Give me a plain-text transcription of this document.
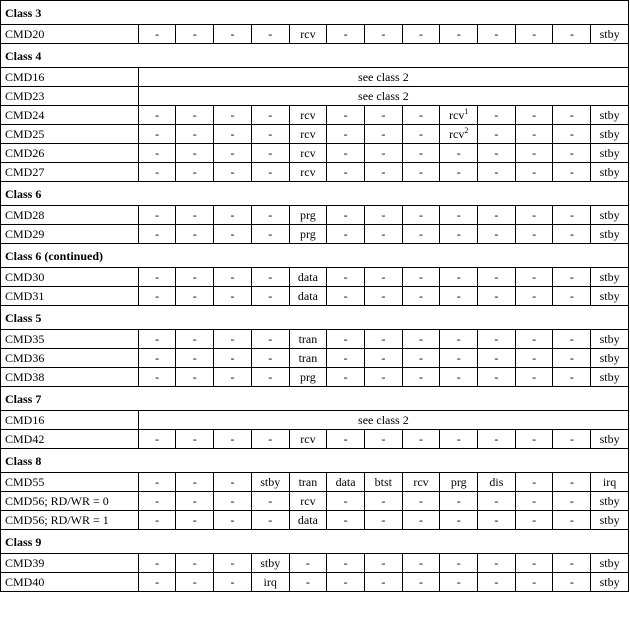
Class 3													
CMD20	-	-	-	-	rcv	-	-	-	-	-	-	-	stby
Class 4													
CMD16	see class 2												
CMD23	see class 2												
CMD24	-	-	-	-	rcv	-	-	-	rcv$^1$	-	-	-	stby
CMD25	-	-	-	-	rcv	-	-	-	rcv$^2$	-	-	-	stby
CMD26	-	-	-	-	rcv	-	-	-	-	-	-	-	stby
CMD27	-	-	-	-	rcv	-	-	-	-	-	-	-	stby
Class 6													
CMD28	-	-	-	-	prg	-	-	-	-	-	-	-	stby
CMD29	-	-	-	-	prg	-	-	-	-	-	-	-	stby
Class 6 (continued)													
CMD30	-	-	-	-	data	-	-	-	-	-	-	-	stby
CMD31	-	-	-	-	data	-	-	-	-	-	-	-	stby
Class 5													
CMD35	-	-	-	-	tran	-	-	-	-	-	-	-	stby
CMD36	-	-	-	-	tran	-	-	-	-	-	-	-	stby
CMD38	-	-	-	-	prg	-	-	-	-	-	-	-	stby
Class 7													
CMD16	see class 2												
CMD42	-	-	-	-	rcv	-	-	-	-	-	-	-	stby
Class 8													
CMD55	-	-	-	stby	tran	data	btst	rcv	prg	dis	-	-	irq
CMD56; RD/WR = 0	-	-	-	-	rcv	-	-	-	-	-	-	-	stby
CMD56; RD/WR = 1	-	-	-	-	data	-	-	-	-	-	-	-	stby
Class 9													
CMD39	-	-	-	stby	-	-	-	-	-	-	-	-	stby
CMD40	-	-	-	irq	-	-	-	-	-	-	-	-	stby
